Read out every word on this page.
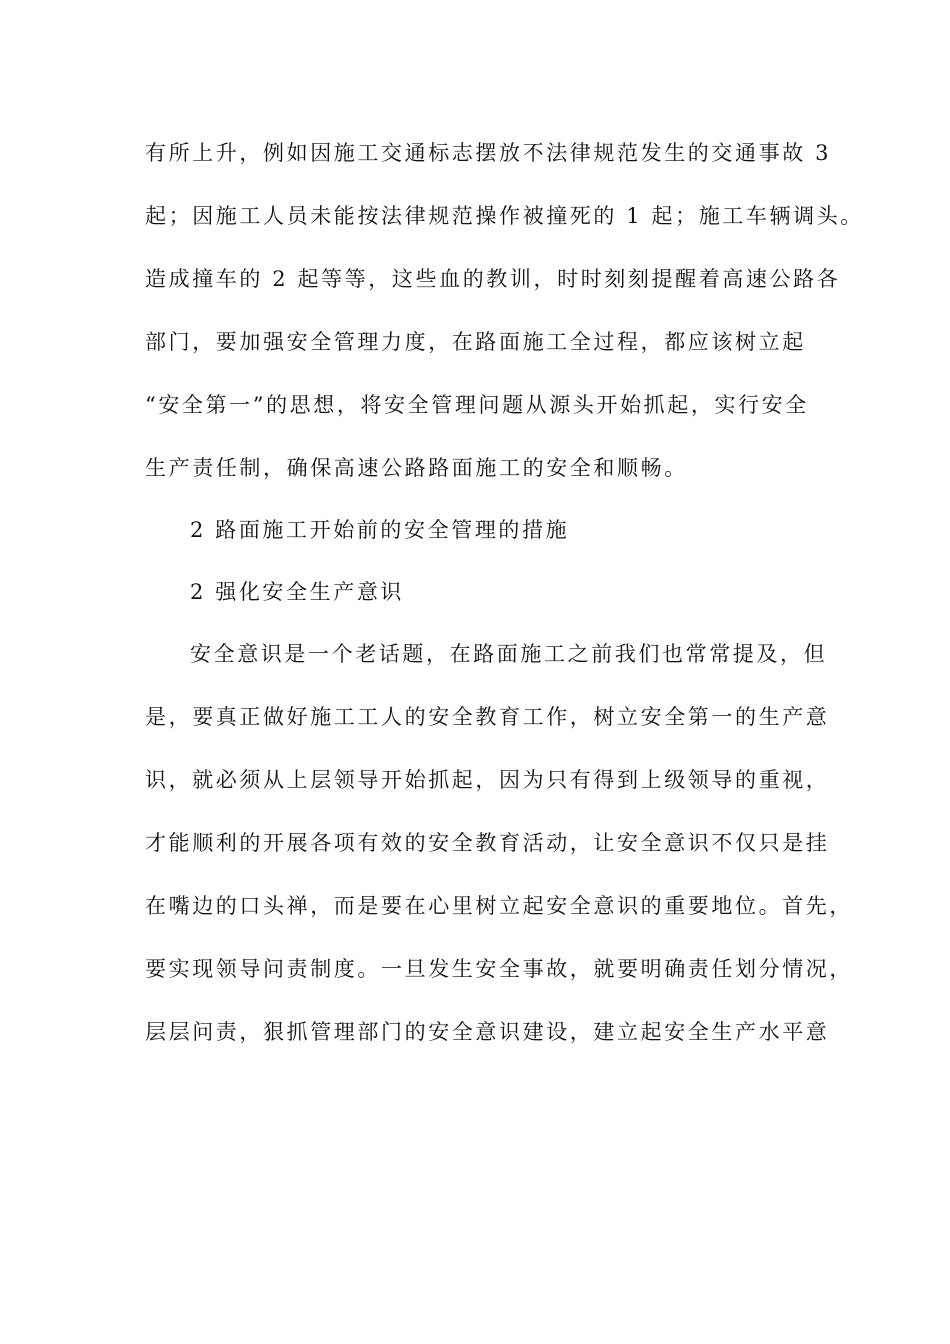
有所上升，例如因施工交通标志摆放不法律规范发生的交通事故 3
起；因施工人员未能按法律规范操作被撞死的 1 起；施工车辆调头。
造成撞车的 2 起等等，这些血的教训，时时刻刻提醒着高速公路各
部门，要加强安全管理力度，在路面施工全过程，都应该树立起
“安全第一”的思想，将安全管理问题从源头开始抓起，实行安全
生产责任制，确保高速公路路面施工的安全和顺畅。
2 路面施工开始前的安全管理的措施
2 强化安全生产意识
安全意识是一个老话题，在路面施工之前我们也常常提及，但
是，要真正做好施工工人的安全教育工作，树立安全第一的生产意
识，就必须从上层领导开始抓起，因为只有得到上级领导的重视，
才能顺利的开展各项有效的安全教育活动，让安全意识不仅只是挂
在嘴边的口头禅，而是要在心里树立起安全意识的重要地位。首先，
要实现领导问责制度。一旦发生安全事故，就要明确责任划分情况，
层层问责，狠抓管理部门的安全意识建设，建立起安全生产水平意
